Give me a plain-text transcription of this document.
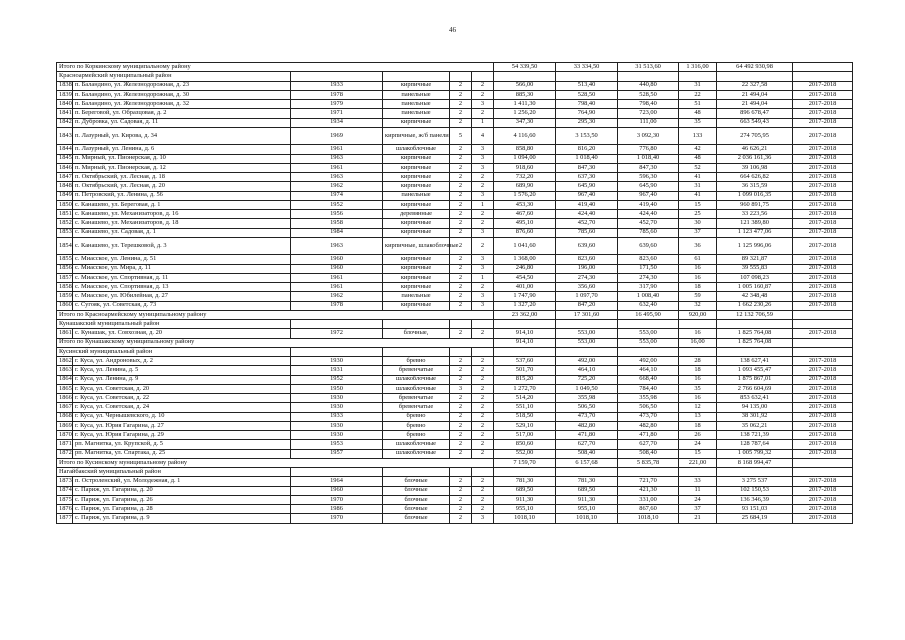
46
Итого по Коркинскому муниципальному району						54 339,50	33 334,50	31 513,60	1 316,00	64 492 930,98	
Красноармейский муниципальный район											
1838.	п. Баландино, ул. Железнодорожная, д. 23	1933	кирпичные	2	2	566,00	513,40	440,80	31	22 327,58	2017-2018
1839.	п. Баландино, ул. Железнодорожная, д. 30	1978	панельные	2	2	885,30	528,50	528,50	22	21 494,04	2017-2018
1840.	п. Баландино, ул. Железнодорожная, д. 32	1979	панельные	2	3	1 411,30	798,40	798,40	51	21 494,04	2017-2018
1841.	п. Береговой, ул. Образцовая, д. 2	1971	панельные	2	2	1 256,20	764,90	723,00	48	896 678,47	2017-2018
1842.	п. Дубровка, ул. Садовая, д. 11	1934	кирпичные	2	1	347,30	295,30	111,00	35	663 549,43	2017-2018
1843.	п. Лазурный, ул. Кирова, д. 34	1969	кирпичные, ж/б панели	5	4	4 116,60	3 153,50	3 092,30	133	274 705,95	2017-2018
1844.	п. Лазурный, ул. Ленина, д. 6	1961	шлакоблочные	2	3	858,80	816,20	776,80	42	46 626,21	2017-2018
1845.	п. Мирный, ул. Пионерская, д. 10	1963	кирпичные	2	3	1 094,00	1 018,40	1 018,40	48	2 036 161,36	2017-2018
1846.	п. Мирный, ул. Пионерская, д. 12	1961	кирпичные	2	3	918,60	847,30	847,30	52	39 106,98	2017-2018
1847.	п. Октябрьский, ул. Лесная, д. 18	1963	кирпичные	2	2	732,20	637,30	596,30	41	664 626,82	2017-2018
1848.	п. Октябрьский, ул. Лесная, д. 20	1962	кирпичные	2	2	689,90	645,90	645,90	31	36 315,59	2017-2018
1849.	п. Петровский, ул. Ленина, д. 56	1974	панельные	2	3	1 576,20	967,40	967,40	41	1 099 016,35	2017-2018
1850.	с. Канашево, ул. Береговая, д. 1	1952	кирпичные	2	1	453,30	419,40	419,40	15	960 891,75	2017-2018
1851.	с. Канашево, ул. Механизаторов, д. 16	1956	деревянные	2	2	467,60	424,40	424,40	25	33 223,56	2017-2018
1852.	с. Канашево, ул. Механизаторов, д. 18	1958	кирпичные	2	2	495,10	452,70	452,70	30	121 389,80	2017-2018
1853.	с. Канашево, ул. Садовая, д. 1	1984	кирпичные	2	3	876,60	785,60	785,60	37	1 123 477,06	2017-2018
1854.	с. Канашево, ул. Терешковой, д. 3	1963	кирпичные, шлакоблочные	2	2	1 041,60	639,60	639,60	36	1 125 996,06	2017-2018
1855.	с. Миасское, ул. Ленина, д. 51	1960	кирпичные	2	3	1 368,00	823,60	823,60	61	89 321,87	2017-2018
1856.	с. Миасское, ул. Мира, д. 11	1960	кирпичные	2	3	246,80	196,00	171,50	16	39 555,83	2017-2018
1857.	с. Миасское, ул. Спортивная, д. 11	1961	кирпичные	2	1	454,50	274,30	274,30	16	107 098,23	2017-2018
1858.	с. Миасское, ул. Спортивная, д. 13	1961	кирпичные	2	2	401,00	356,60	317,90	18	1 005 160,87	2017-2018
1859.	с. Миасское, ул. Юбилейная, д. 27	1962	панельные	2	3	1 747,90	1 097,70	1 008,40	59	42 348,48	2017-2018
1860.	с. Сугояк, ул. Советская, д. 73	1978	кирпичные	2	3	1 327,20	847,20	632,40	32	1 662 230,26	2017-2018
Итого по Красноармейскому муниципальному району						23 362,00	17 301,60	16 495,90	920,00	12 132 706,59	
Кунашакский муниципальный район											
1861.	с. Кунашак, ул. Совхозная, д. 20	1972	блочные,	2	2	914,10	553,00	553,00	16	1 825 764,08	2017-2018
Итого по Кунашакскому муниципальному району						914,10	553,00	553,00	16,00	1 825 764,08	
Кусинский муниципальный район											
1862.	г. Куса, ул. Андроновых, д. 2	1930	бревно	2	2	537,60	492,00	492,00	28	138 627,41	2017-2018
1863.	г. Куса, ул. Ленина, д. 5	1931	бревенчатые	2	2	501,70	464,10	464,10	18	1 093 455,47	2017-2018
1864.	г. Куса, ул. Ленина, д. 9	1952	шлакоблочные	2	2	815,20	725,20	668,40	16	1 875 867,01	2017-2018
1865.	г. Куса, ул. Советская, д. 20	1950	шлакоблочные	3	2	1 272,70	1 049,50	784,40	35	2 766 604,69	2017-2018
1866.	г. Куса, ул. Советская, д. 22	1930	бревенчатые	2	2	514,20	355,98	355,98	16	853 632,41	2017-2018
1867.	г. Куса, ул. Советская, д. 24	1930	бревенчатые	2	2	551,10	506,50	506,50	12	94 135,00	2017-2018
1868.	г. Куса, ул. Чернышевского, д. 10	1933	бревно	2	2	518,50	473,70	473,70	13	38 301,92	2017-2018
1869.	г. Куса, ул. Юрия Гагарина, д. 27	1930	бревно	2	2	529,10	482,80	482,80	18	35 062,21	2017-2018
1870.	г. Куса, ул. Юрия Гагарина, д. 29	1930	бревно	2	2	517,00	471,80	471,80	26	138 721,39	2017-2018
1871.	рп. Магнитка, ул. Крупской, д. 5	1953	шлакоблочные	2	2	850,60	627,70	627,70	24	128 787,64	2017-2018
1872.	рп. Магнитка, ул. Спартака, д. 25	1957	шлакоблочные	2	2	552,00	508,40	508,40	15	1 005 799,32	2017-2018
Итого по Кусинскому муниципальному району						7 159,70	6 157,68	5 835,78	221,00	8 168 994,47	
Нагайбакский муниципальный район											
1873.	п. Остроленский, ул. Молодежная, д. 1	1964	блочные	2	2	781,30	781,30	721,70	33	3 275 537	2017-2018
1874.	с. Париж, ул. Гагарина, д. 20	1960	блочные	2	2	689,50	689,50	421,30	11	102 150,53	2017-2018
1875.	с. Париж, ул. Гагарина, д. 26	1970	блочные	2	2	911,30	911,30	331,00	24	136 346,39	2017-2018
1876.	с. Париж, ул. Гагарина, д. 28	1986	блочные	2	2	955,10	955,10	867,60	37	93 151,03	2017-2018
1877.	с. Париж, ул. Гагарина, д. 9	1970	блочные	2	3	1018,10	1018,10	1018,10	21	25 684,19	2017-2018
